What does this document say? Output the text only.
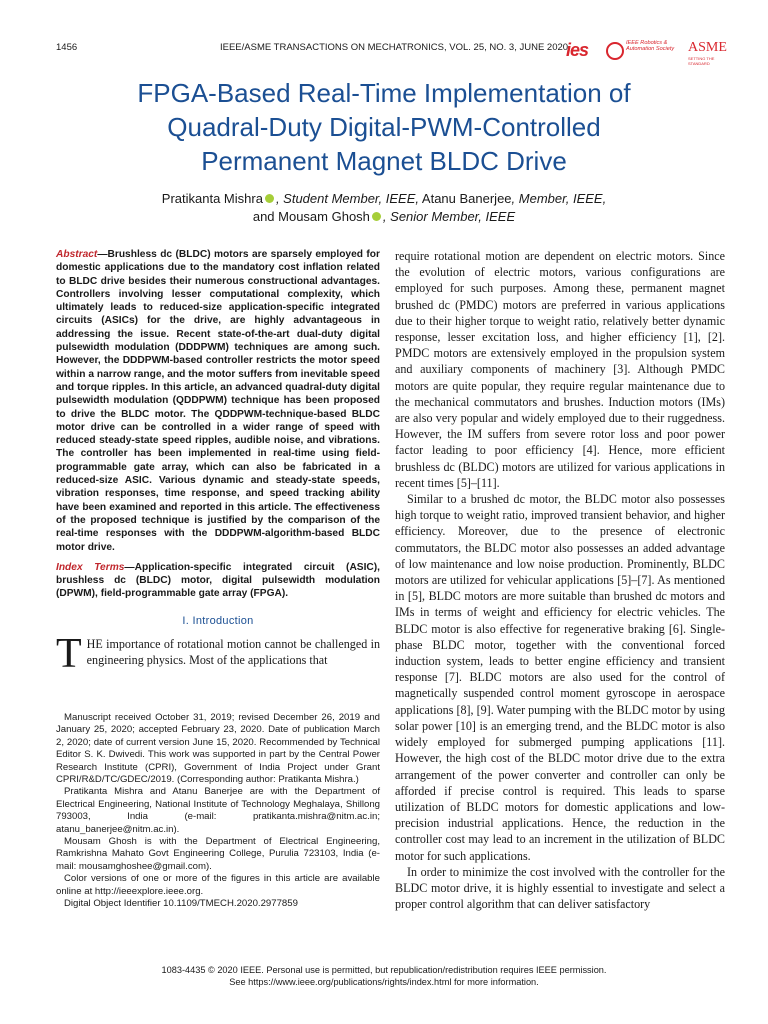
1456	IEEE/ASME TRANSACTIONS ON MECHATRONICS, VOL. 25, NO. 3, JUNE 2020
ies	IEEE Robotics & Automation Society ASME
SETTING THE STANDARD
FPGA-Based Real-Time Implementation of
Quadral-Duty Digital-PWM-Controlled
Permanent Magnet BLDC Drive
Pratikanta Mishra , Student Member, IEEE, Atanu Banerjee, Member, IEEE,
and Mousam Ghosh , Senior Member, IEEE

Abstract—Brushless dc (BLDC) motors are sparsely employed for domestic applications due to the mandatory cost inflation related to BLDC drive besides their numerous constructional advantages. Controllers involving lesser computational complexity, which ultimately leads to reduced-size application-specific integrated circuits (ASICs) for the drive, are highly advantageous in addressing the issue. Recent state-of-the-art dual-duty digital pulsewidth modulation (DDDPWM) techniques are among such. However, the DDDPWM-based controller restricts the motor speed within a narrow range, and the motor suffers from inevitable speed and torque ripples. In this article, an advanced quadral-duty digital pulsewidth modulation (QDDPWM) technique has been proposed to drive the BLDC motor. The QDDPWM-technique-based BLDC motor drive can be controlled in a wider range of speed with reduced steady-state speed ripples, audible noise, and vibrations. The controller has been implemented in real-time using field-programmable gate array, which can also be fabricated in a reduced-size ASIC. Various dynamic and steady-state speeds, vibration responses, time response, and speed tracking ability have been examined and reported in this article. The effectiveness of the proposed technique is justified by the comparison of the real-time responses with the DDDPWM-algorithm-based BLDC motor drive.

Index Terms—Application-specific integrated circuit (ASIC), brushless dc (BLDC) motor, digital pulsewidth modulation (DPWM), field-programmable gate array (FPGA).

I. Introduction

THE importance of rotational motion cannot be challenged in engineering physics. Most of the applications that

Manuscript received October 31, 2019; revised December 26, 2019 and January 25, 2020; accepted February 23, 2020. Date of publication March 2, 2020; date of current version June 15, 2020. Recommended by Technical Editor S. K. Dwivedi. This work was supported in part by the Central Power Research Institute (CPRI), Government of India Project under Grant CPRI/R&D/TC/GDEC/2019. (Corresponding author: Pratikanta Mishra.)

Pratikanta Mishra and Atanu Banerjee are with the Department of Electrical Engineering, National Institute of Technology Meghalaya, Shillong 793003, India (e-mail: pratikanta.mishra@nitm.ac.in; atanu_banerjee@nitm.ac.in).

Mousam Ghosh is with the Department of Electrical Engineering, Ramkrishna Mahato Govt Engineering College, Purulia 723103, India (e-mail: mousamghoshee@gmail.com).

Color versions of one or more of the figures in this article are available online at http://ieeexplore.ieee.org.

Digital Object Identifier 10.1109/TMECH.2020.2977859

require rotational motion are dependent on electric motors. Since the evolution of electric motors, various configurations are employed for such purposes. Among these, permanent magnet brushed dc (PMDC) motors are preferred in various applications due to their higher torque to weight ratio, relatively better dynamic response, lesser excitation loss, and higher efficiency [1], [2]. PMDC motors are extensively employed in the propulsion system and auxiliary components of machinery [3]. Although PMDC motors are quite popular, they require regular maintenance due to the mechanical commutators and brushes. Induction motors (IMs) are also very popular and widely employed due to their ruggedness. However, the IM suffers from severe rotor loss and poor power factor leading to poor efficiency [4]. Hence, more efficient brushless dc (BLDC) motors are utilized for various applications in recent times [5]–[11].

Similar to a brushed dc motor, the BLDC motor also possesses high torque to weight ratio, improved transient behavior, and higher efficiency. Moreover, due to the presence of electronic commutators, the BLDC motor also possesses an added advantage of low maintenance and low noise production. Prominently, BLDC motors are utilized for vehicular applications [5]–[7]. As mentioned in [5], BLDC motors are more suitable than brushed dc motors and IMs in terms of weight and efficiency for electric vehicles. The BLDC motor is also effective for regenerative braking [6]. Single-phase BLDC motor, together with the conventional forced induction system, leads to better engine efficiency and transient response [7]. BLDC motors are also used for the control of magnetically suspended control moment gyroscope in aerospace applications [8], [9]. Water pumping with the BLDC motor by using solar power [10] is an emerging trend, and the BLDC motor is also widely employed for submerged pumping applications [11]. However, the high cost of the BLDC motor drive due to the extra arrangement of the power converter and controller can only be afforded if precise control is required. This leads to sparse utilization of BLDC motors for domestic applications and low-precision industrial applications. Hence, the reduction in the controller cost may lead to an increment in the utilization of BLDC motor for such applications.

In order to minimize the cost involved with the controller for the BLDC motor drive, it is highly essential to investigate and select a proper control algorithm that can deliver satisfactory

1083-4435 © 2020 IEEE. Personal use is permitted, but republication/redistribution requires IEEE permission.
See https://www.ieee.org/publications/rights/index.html for more information.
